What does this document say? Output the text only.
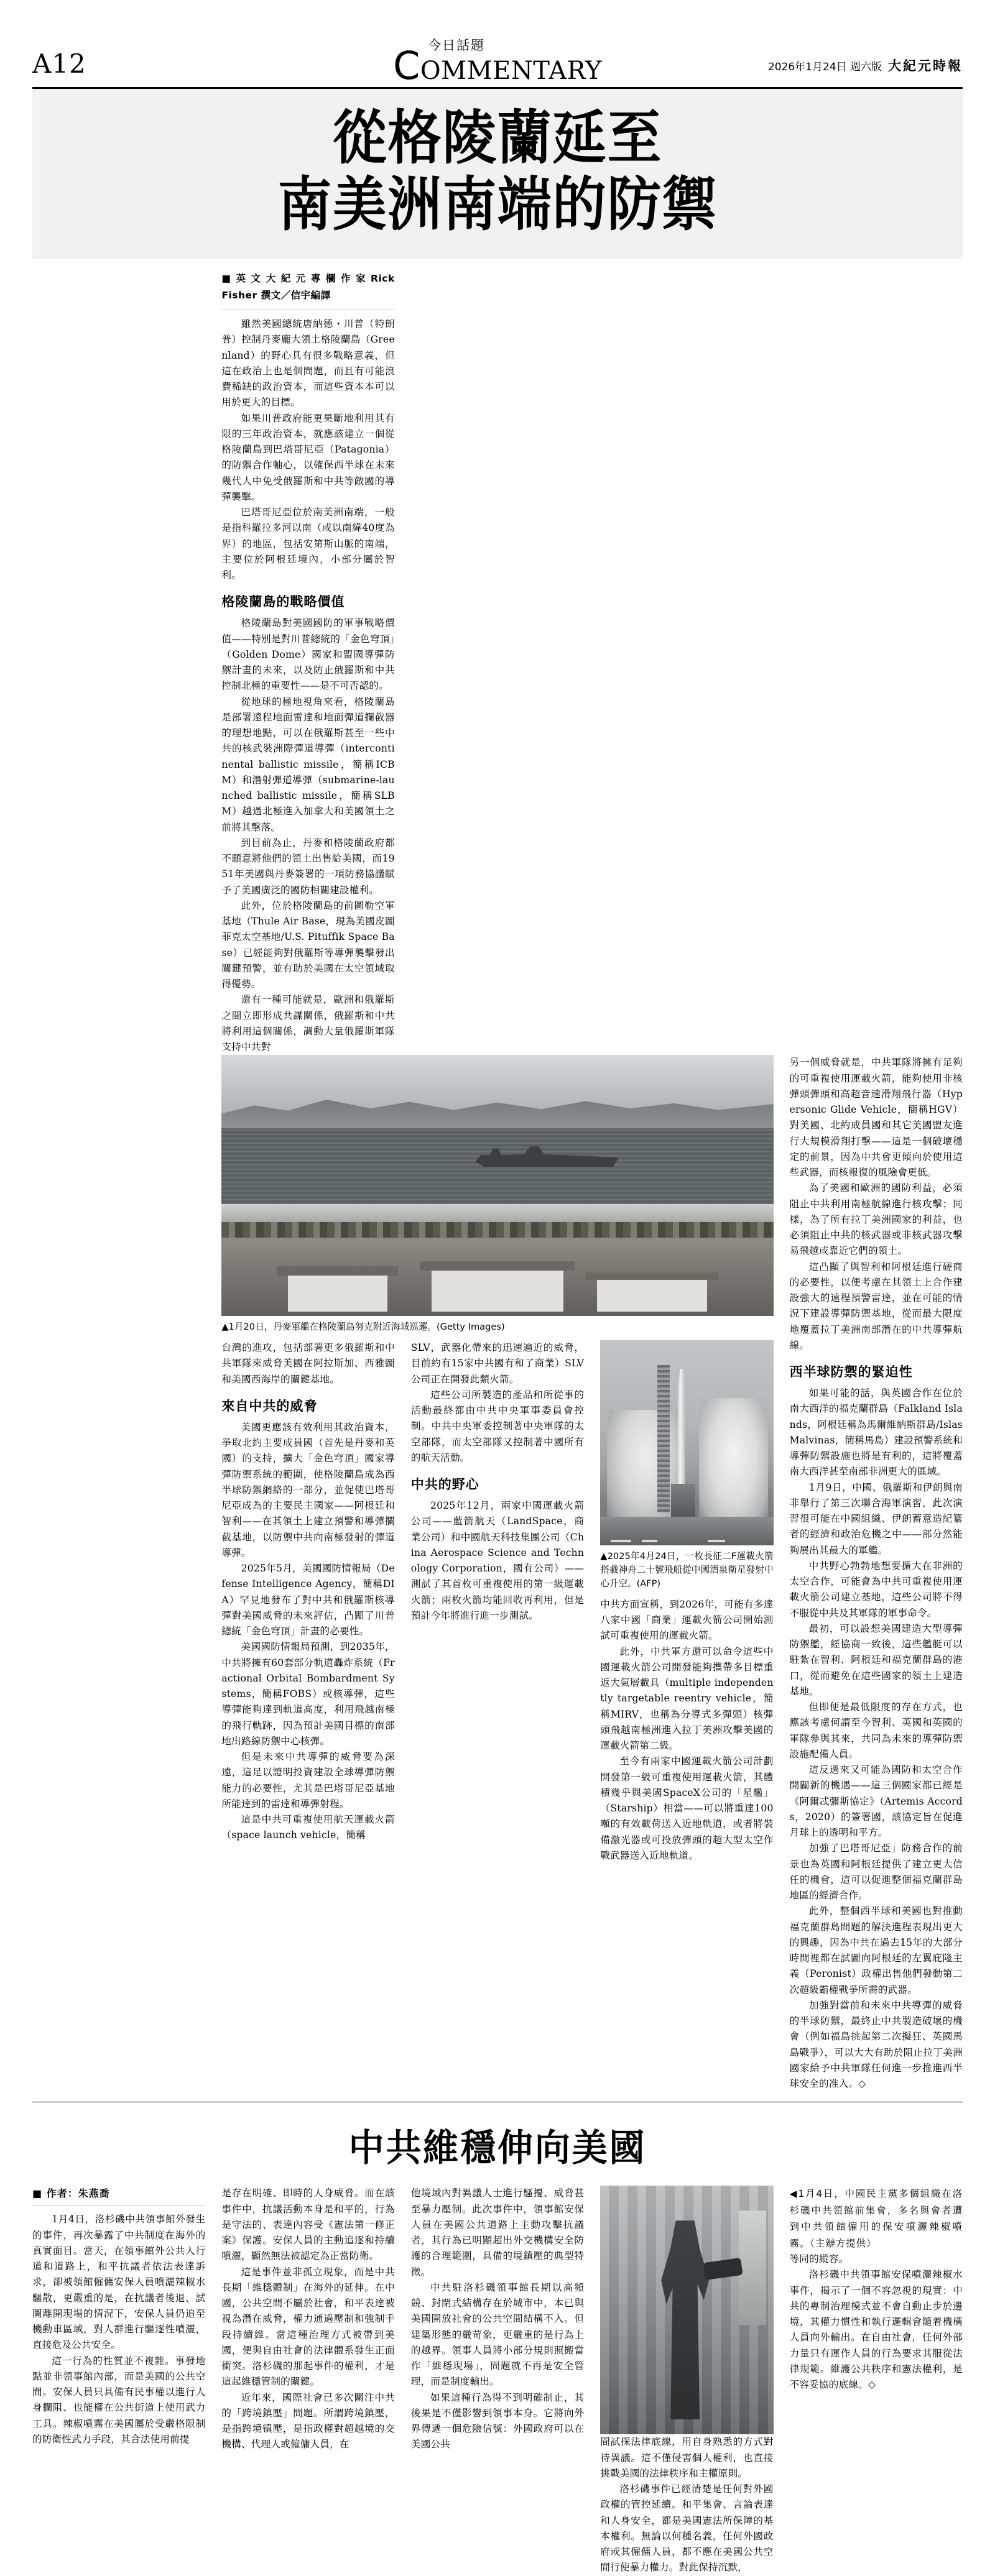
A12
今日話題
COMMENTARY	2026年1月24日 週六版 大紀元時報
從格陵蘭延至
南美洲南端的防禦
■ 英 文 大 紀 元 專 欄 作 家 Rick Fisher 撰文／信宇編譯

雖然美國總統唐納德・川普（特朗普）控制丹麥龐大領土格陵蘭島（Greenland）的野心具有很多戰略意義，但這在政治上也是個問題，而且有可能浪費稀缺的政治資本，而這些資本本可以用於更大的目標。

如果川普政府能更果斷地利用其有限的三年政治資本，就應該建立一個從格陵蘭島到巴塔哥尼亞（Patagonia）的防禦合作軸心，以確保西半球在未來幾代人中免受俄羅斯和中共等敵國的導彈襲擊。

巴塔哥尼亞位於南美洲南端，一般是指科羅拉多河以南（或以南緯40度為界）的地區，包括安第斯山脈的南端，主要位於阿根廷境內，小部分屬於智利。

格陵蘭島的戰略價值

格陵蘭島對美國國防的軍事戰略價值——特別是對川普總統的「金色穹頂」（Golden Dome）國家和盟國導彈防禦計畫的未來，以及防止俄羅斯和中共控制北極的重要性——是不可否認的。

從地球的極地視角來看，格陵蘭島是部署遠程地面雷達和地面彈道攔截器的理想地點，可以在俄羅斯甚至一些中共的核武裝洲際彈道導彈（intercontinental ballistic missile，簡稱ICBM）和潛射彈道導彈（submarine-launched ballistic missile，簡稱SLBM）越過北極進入加拿大和美國領土之前將其擊落。

到目前為止，丹麥和格陵蘭政府都不願意將他們的領土出售給美國，而1951年美國與丹麥簽署的一項防務協議賦予了美國廣泛的國防相關建設權利。

此外，位於格陵蘭島的前圖勒空軍基地（Thule Air Base，現為美國皮圖菲克太空基地/U.S. Pituffik Space Base）已經能夠對俄羅斯等導彈襲擊發出關鍵預警，並有助於美國在太空領域取得優勢。

還有一種可能就是，歐洲和俄羅斯之間立即形成共謀關係，俄羅斯和中共將利用這個關係，調動大量俄羅斯軍隊支持中共對

▲1月20日，丹麥軍艦在格陵蘭島努克附近海域巡邏。(Getty Images)

台灣的進攻，包括部署更多俄羅斯和中共軍隊來威脅美國在阿拉斯加、西雅圖和美國西海岸的關鍵基地。

來自中共的威脅

美國更應該有效利用其政治資本，爭取北約主要成員國（首先是丹麥和英國）的支持，擴大「金色穹頂」國家導彈防禦系統的範圍，使格陵蘭島成為西半球防禦網絡的一部分，並促使巴塔哥尼亞成為的主要民主國家——阿根廷和智利——在其領土上建立預警和導彈攔截基地，以防禦中共向南極發射的彈道導彈。

2025年5月，美國國防情報局（Defense Intelligence Agency，簡稱DIA）罕見地發布了對中共和俄羅斯核導彈對美國威脅的未來評估，凸顯了川普總統「金色穹頂」計畫的必要性。

美國國防情報局預測，到2035年，中共將擁有60套部分軌道轟炸系統（Fractional Orbital Bombardment Systems，簡稱FOBS）或核導彈，這些導彈能夠達到軌道高度，利用飛越南極的飛行軌跡，因為預計美國目標的南部地出路線防禦中心核彈。

但是未來中共導彈的威脅要為深遠，這足以證明投資建設全球導彈防禦能力的必要性，尤其是巴塔哥尼亞基地所能達到的雷達和導彈射程。

這是中共可重複使用航天運載火箭（space launch vehicle，簡稱

SLV，武器化帶來的迅速遍近的威脅，目前約有15家中共國有和了商業）SLV公司正在開發此類火箭。

這些公司所製造的產品和所從事的活動最終都由中共中央軍事委員會控制。中共中央軍委控制著中央軍隊的太空部隊，而太空部隊又控制著中國所有的航天活動。

中共的野心

2025年12月，兩家中國運載火箭公司——藍箭航天（LandSpace，商業公司）和中國航天科技集團公司（China Aerospace Science and Technology Corporation，國有公司）——測試了其首枚可重複使用的第一級運載火箭；兩枚火箭均能回收再利用，但是預計今年將進行進一步測試。

▲2025年4月24日，一枚長征二F運載火箭搭載神舟二十號飛船從中國酒泉衛星發射中心升空。(AFP)

中共方面宣稱，到2026年，可能有多達八家中國「商業」運載火箭公司開始測試可重複使用的運載火箭。

此外，中共軍方還可以命令這些中國運載火箭公司開發能夠攜帶多目標重返大氣層載具（multiple independently targetable reentry vehicle，簡稱MIRV，也稱為分導式多彈頭）核彈頭飛越南極洲進入拉丁美洲攻擊美國的運載火箭第二級。

至今有兩家中國運載火箭公司計劃開發第一級可重複使用運載火箭，其體積幾乎與美國SpaceX公司的「星艦」（Starship）相當——可以將重達100噸的有效載荷送入近地軌道，或者將裝備激光器或可投放彈頭的超大型太空作戰武器送入近地軌道。

另一個威脅就是，中共軍隊將擁有足夠的可重複使用運載火箭，能夠使用非核彈頭彈頭和高超音速滑翔飛行器（Hypersonic Glide Vehicle，簡稱HGV）對美國、北約成員國和其它美國盟友進行大規模滑翔打擊——這是一個破壞穩定的前景，因為中共會更傾向於使用這些武器，而核報復的風險會更低。

為了美國和歐洲的國防利益，必須阻止中共利用南極航線進行核攻擊；同樣，為了所有拉丁美洲國家的利益，也必須阻止中共的核武器或非核武器攻擊易飛越或靠近它們的領土。

這凸顯了與智利和阿根廷進行磋商的必要性，以便考慮在其領土上合作建設強大的遠程預警雷達，並在可能的情況下建設導彈防禦基地，從而最大限度地覆蓋拉丁美洲南部潛在的中共導彈航線。

西半球防禦的緊迫性

如果可能的話，與英國合作在位於南大西洋的福克蘭群島（Falkland Islands，阿根廷稱為馬爾維納斯群島/Islas Malvinas，簡稱馬島）建設預警系統和導彈防禦設施也將是有利的，這將覆蓋南大西洋甚至南部非洲更大的區域。

1月9日，中國、俄羅斯和伊朗與南非舉行了第三次聯合海軍演習，此次演習很可能在中國組織、伊朗蓄意造紀纂者的經濟和政治危機之中——部分然能夠展出其最大的軍艦。

中共野心勃勃地想要擴大在非洲的太空合作，可能會為中共可重複使用運載火箭公司建立基地，這些公司將不得不服從中共及其軍隊的軍事命令。

最初，可以設想美國建造大型導彈防禦艦，經協商一致後，這些艦艇可以駐紮在智利、阿根廷和福克蘭群島的港口，從而避免在這些國家的領土上建造基地。

但即便是最低限度的存在方式，也應該考慮何謂至今智利、英國和英國的軍隊參與其來，共同為未來的導彈防禦設施配備人員。

這反過來又可能為國防和太空合作開闢新的機遇——這三個國家都已經是《阿爾忒彌斯協定》（Artemis Accords，2020）的簽署國，該協定旨在促進月球上的透明和平方。

加強了巴塔哥尼亞」防務合作的前景也為英國和阿根廷提供了建立更大信任的機會，這可以促進整個福克蘭群島地區的經濟合作。

此外，整個西半球和美國也對推動福克蘭群島問題的解決進程表現出更大的興趣，因為中共在過去15年的大部分時間裡都在試圖向阿根廷的左翼庇隆主義（Peronist）政權出售他們發動第二次超級霸權戰爭所需的武器。

加強對當前和未來中共導彈的威脅的半球防禦，最終止中共製造破壞的機會（例如福島挑起第二次擬狂、英國馬島戰爭），可以大大有助於阻止拉丁美洲國家給予中共軍隊任何進一步推進西半球安全的准入。◇

中共維穩伸向美國
■ 作者：朱燕喬

1月4日，洛杉磯中共領事館外發生的事件，再次暴露了中共制度在海外的真實面目。當天，在領事館外公共人行道和道路上，和平抗議者依法表達訴求，卻被領館僱傭安保人員噴灑辣椒水驅散，更嚴重的是，在抗議者後退、試圖離開現場的情況下，安保人員仍追至機動車區域，對人群進行驅逐性噴灑，直接危及公共安全。

這一行為的性質並不複雜。事發地點並非領事館內部，而是美國的公共空間。安保人員只具備有民事權以進行人身攔阻、也能權在公共街道上使用武力工具。辣椒噴霧在美國屬於受嚴格限制的防衛性武力手段，其合法使用前提

是存在明確、即時的人身威脅。而在該事件中，抗議活動本身是和平的，行為是守法的、表達內容受《憲法第一修正案》保護。安保人員的主動追逐和持續噴灑，顯然無法被認定為正當防衛。

這是事件並非孤立現象，而是中共長期「維穩體制」在海外的延伸。在中國，公共空間不屬於社會，和平表達被視為潛在威脅，權力通過壓制和強制手段持續維。當這種治理方式被帶到美國，便與自由社會的法律體系發生正面衝突。洛杉磯的那起事件的權利，才是這起維穩管制的關鍵。

近年來，國際社會已多次關注中共的「跨境鎮壓」問題。所謂跨境鎮壓，是指跨境镇壓，是指政權對超越境的交機構、代理人或僱傭人員，在

他境域內對異議人士進行騷擾、威脅甚至暴力壓制。此次事件中，領事館安保人員在美國公共道路上主動攻擊抗議者，其行為已明顯超出外交機構安全防護的合理範圍，具備的境鎮壓的典型特徵。

中共駐洛杉磯領事館長期以高頻競、封閉式結構存在於城市中，本已與美國開放社會的公共空間結構不入。但建築形態的嚴苛象，更嚴重的是行為上的越界。領事人員將小部分規則照搬當作「維穩現場」，問題就不再是安全管理，而是制度輸出。

如果這種行為得不到明確制止，其後果是不僅影響到領事本身。它將向外界傳遞一個危險信號：外國政府可以在美國公共	間試探法律底線，用自身熟悉的方式對待異議。這不僅侵害個人權利，也直接挑戰美國的法律秩序和主權原則。

洛杉磯事件已經清楚是任何對外國政權的管控延續。和平集會、言論表達和人身安全，都是美國憲法所保障的基本權利。無論以何種名義，任何外國政府或其僱傭人員，都不應在美國公共空間行使暴力權力。對此保持沉默，

◀1月4日，中國民主黨多個組織在洛杉磯中共領館前集會，多名與會者遭到中共領館僱用的保安噴灑辣椒噴霧。（主辦方提供）

等同的縱容。

洛杉磯中共領事館安保噴灑辣椒水事件，揭示了一個不容忽視的現實：中共的專制治理模式並不會自動止步於邊境，其權力慣性和執行邏輯會隨着機構人員向外輸出。在自由社會，任何外部力量只有運作人員的行為要求其服從法律規範。維護公共秩序和憲法權利，是不容妥協的底線。◇
